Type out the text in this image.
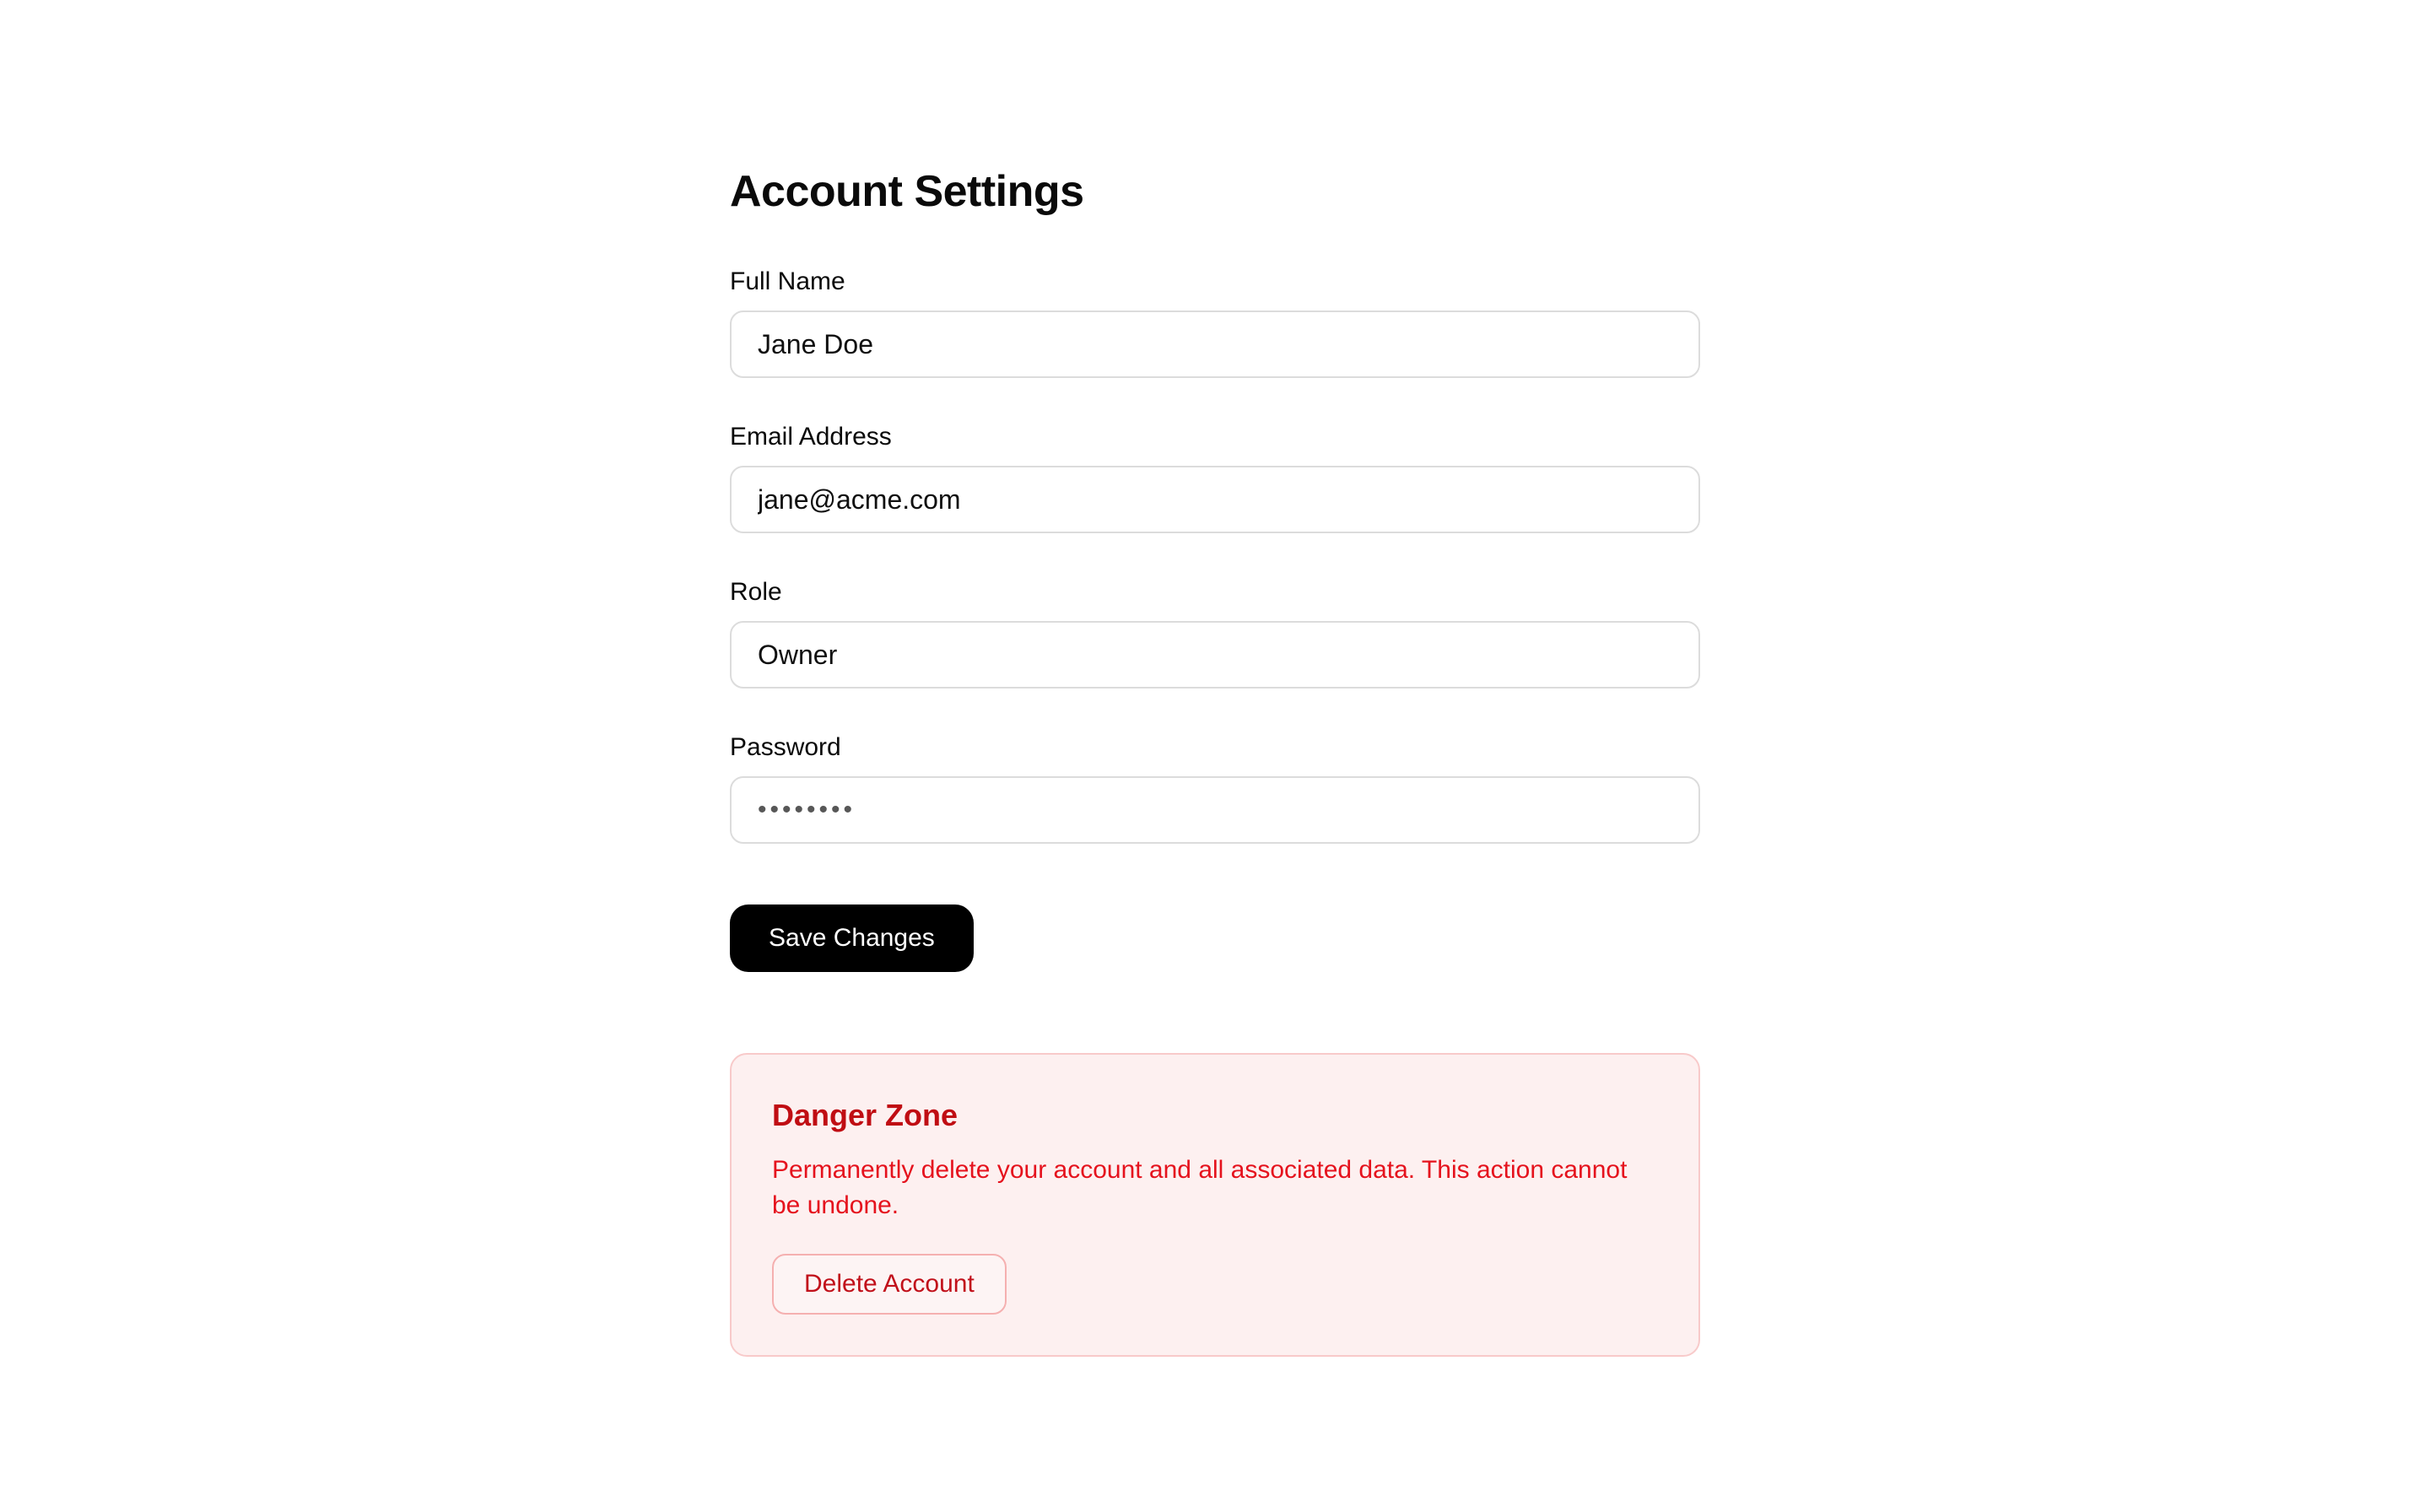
Account Settings
Full Name
Jane Doe
Email Address
jane@acme.com
Role
Owner
Password
••••••••
Save Changes
Danger Zone

Permanently delete your account and all associated data. This action cannot be undone.

Delete Account
